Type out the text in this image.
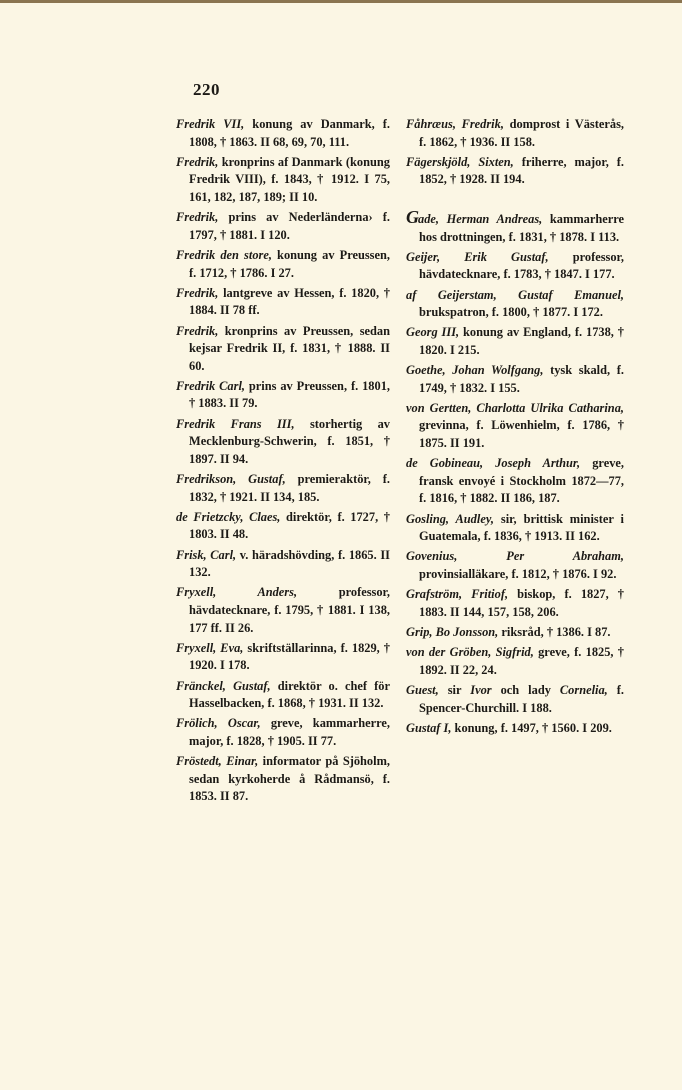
220

Fredrik VII, konung av Danmark, f. 1808, † 1863. II 68, 69, 70, 111.

Fredrik, kronprins af Danmark (konung Fredrik VIII), f. 1843, † 1912. I 75, 161, 182, 187, 189; II 10.

Fredrik, prins av Nederländerna› f. 1797, † 1881. I 120.

Fredrik den store, konung av Preussen, f. 1712, † 1786. I 27.

Fredrik, lantgreve av Hessen, f. 1820, † 1884. II 78 ff.

Fredrik, kronprins av Preussen, sedan kejsar Fredrik II, f. 1831, † 1888. II 60.

Fredrik Carl, prins av Preussen, f. 1801, † 1883. II 79.

Fredrik Frans III, storhertig av Mecklenburg-Schwerin, f. 1851, † 1897. II 94.

Fredrikson, Gustaf, premieraktör, f. 1832, † 1921. II 134, 185.

de Frietzcky, Claes, direktör, f. 1727, † 1803. II 48.

Frisk, Carl, v. häradshövding, f. 1865. II 132.

Fryxell, Anders, professor, hävdatecknare, f. 1795, † 1881. I 138, 177 ff. II 26.

Fryxell, Eva, skriftställarinna, f. 1829, † 1920. I 178.

Fränckel, Gustaf, direktör o. chef för Hasselbacken, f. 1868, † 1931. II 132.

Frölich, Oscar, greve, kammarherre, major, f. 1828, † 1905. II 77.

Fröstedt, Einar, informator på Sjöholm, sedan kyrkoherde å Rådmansö, f. 1853. II 87.

Fåhræus, Fredrik, domprost i Västerås, f. 1862, † 1936. II 158.

Fägerskjöld, Sixten, friherre, major, f. 1852, † 1928. II 194.

Gade, Herman Andreas, kammarherre hos drottningen, f. 1831, † 1878. I 113.

Geijer, Erik Gustaf, professor, hävdatecknare, f. 1783, † 1847. I 177.

af Geijerstam, Gustaf Emanuel, brukspatron, f. 1800, † 1877. I 172.

Georg III, konung av England, f. 1738, † 1820. I 215.

Goethe, Johan Wolfgang, tysk skald, f. 1749, † 1832. I 155.

von Gertten, Charlotta Ulrika Catharina, grevinna, f. Löwenhielm, f. 1786, † 1875. II 191.

de Gobineau, Joseph Arthur, greve, fransk envoyé i Stockholm 1872—77, f. 1816, † 1882. II 186, 187.

Gosling, Audley, sir, brittisk minister i Guatemala, f. 1836, † 1913. II 162.

Govenius, Per Abraham, provinsialläkare, f. 1812, † 1876. I 92.

Grafström, Fritiof, biskop, f. 1827, † 1883. II 144, 157, 158, 206.

Grip, Bo Jonsson, riksråd, † 1386. I 87.

von der Gröben, Sigfrid, greve, f. 1825, † 1892. II 22, 24.

Guest, sir Ivor och lady Cornelia, f. Spencer-Churchill. I 188.

Gustaf I, konung, f. 1497, † 1560. I 209.
